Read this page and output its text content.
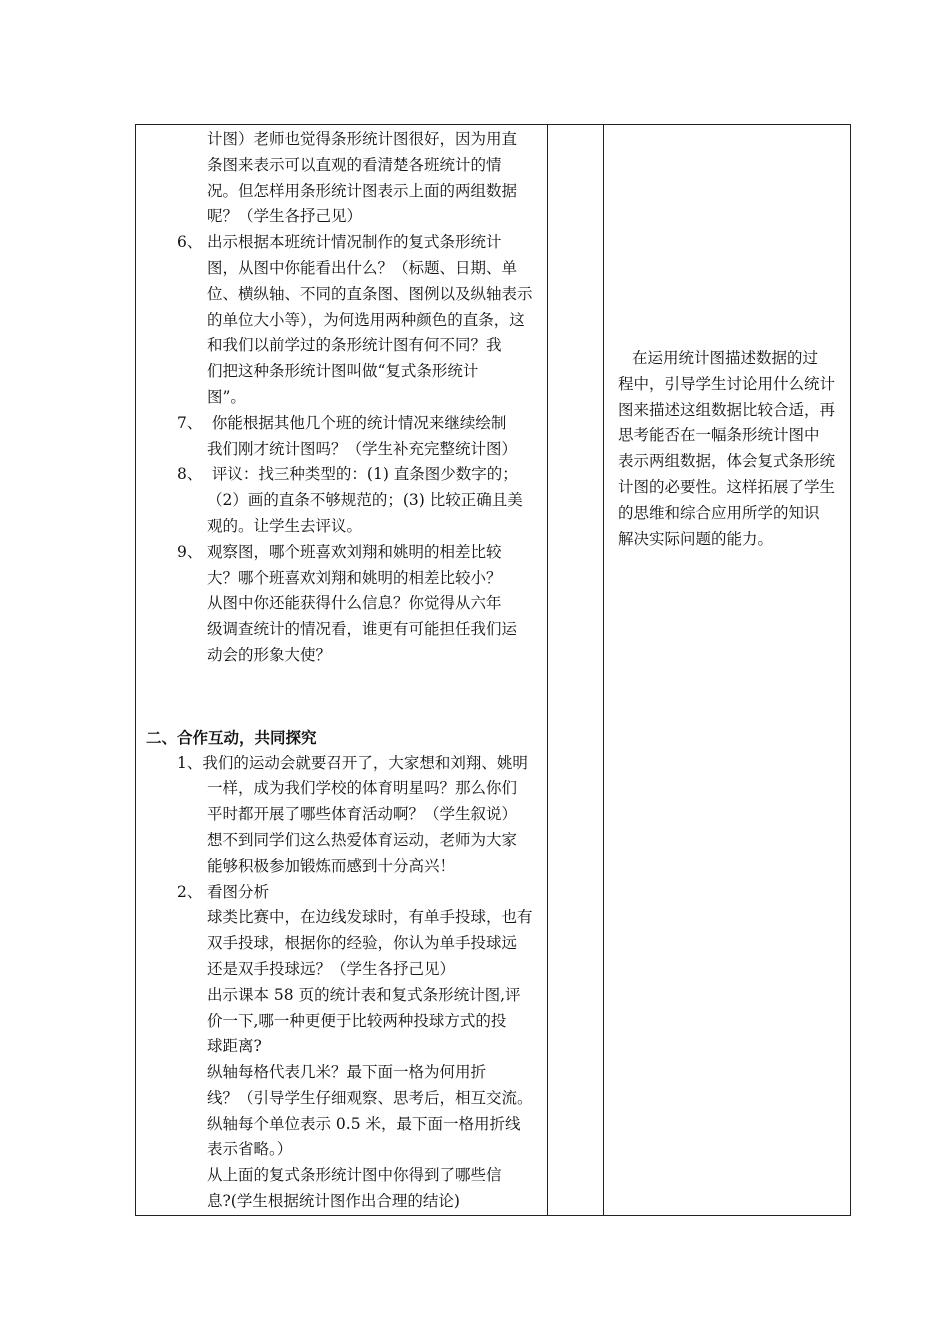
计图）老师也觉得条形统计图很好，因为用直
条图来表示可以直观的看清楚各班统计的情
况。但怎样用条形统计图表示上面的两组数据
呢？（学生各抒己见）
6、 出示根据本班统计情况制作的复式条形统计
图，从图中你能看出什么？（标题、日期、单
位、横纵轴、不同的直条图、图例以及纵轴表示
的单位大小等），为何选用两种颜色的直条，这
和我们以前学过的条形统计图有何不同？我
们把这种条形统计图叫做“复式条形统计
图”。
7、 你能根据其他几个班的统计情况来继续绘制
我们刚才统计图吗？（学生补充完整统计图）
8、 评议：找三种类型的：(1) 直条图少数字的；
（2）画的直条不够规范的；(3) 比较正确且美
观的。让学生去评议。
9、 观察图，哪个班喜欢刘翔和姚明的相差比较
大？哪个班喜欢刘翔和姚明的相差比较小？
从图中你还能获得什么信息？你觉得从六年
级调查统计的情况看，谁更有可能担任我们运
动会的形象大使？
二、合作互动，共同探究
1、我们的运动会就要召开了，大家想和刘翔、姚明
一样，成为我们学校的体育明星吗？那么你们
平时都开展了哪些体育活动啊？（学生叙说）
想不到同学们这么热爱体育运动，老师为大家
能够积极参加锻炼而感到十分高兴！
2、 看图分析
球类比赛中，在边线发球时，有单手投球，也有
双手投球，根据你的经验，你认为单手投球远
还是双手投球远？（学生各抒己见）
出示课本 58 页的统计表和复式条形统计图,评
价一下,哪一种更便于比较两种投球方式的投
球距离?
纵轴每格代表几米？最下面一格为何用折
线？（引导学生仔细观察、思考后，相互交流。
纵轴每个单位表示 0.5 米，最下面一格用折线
表示省略。）
从上面的复式条形统计图中你得到了哪些信
息?(学生根据统计图作出合理的结论)

在运用统计图描述数据的过
程中，引导学生讨论用什么统计
图来描述这组数据比较合适，再
思考能否在一幅条形统计图中
表示两组数据，体会复式条形统
计图的必要性。这样拓展了学生
的思维和综合应用所学的知识
解决实际问题的能力。
